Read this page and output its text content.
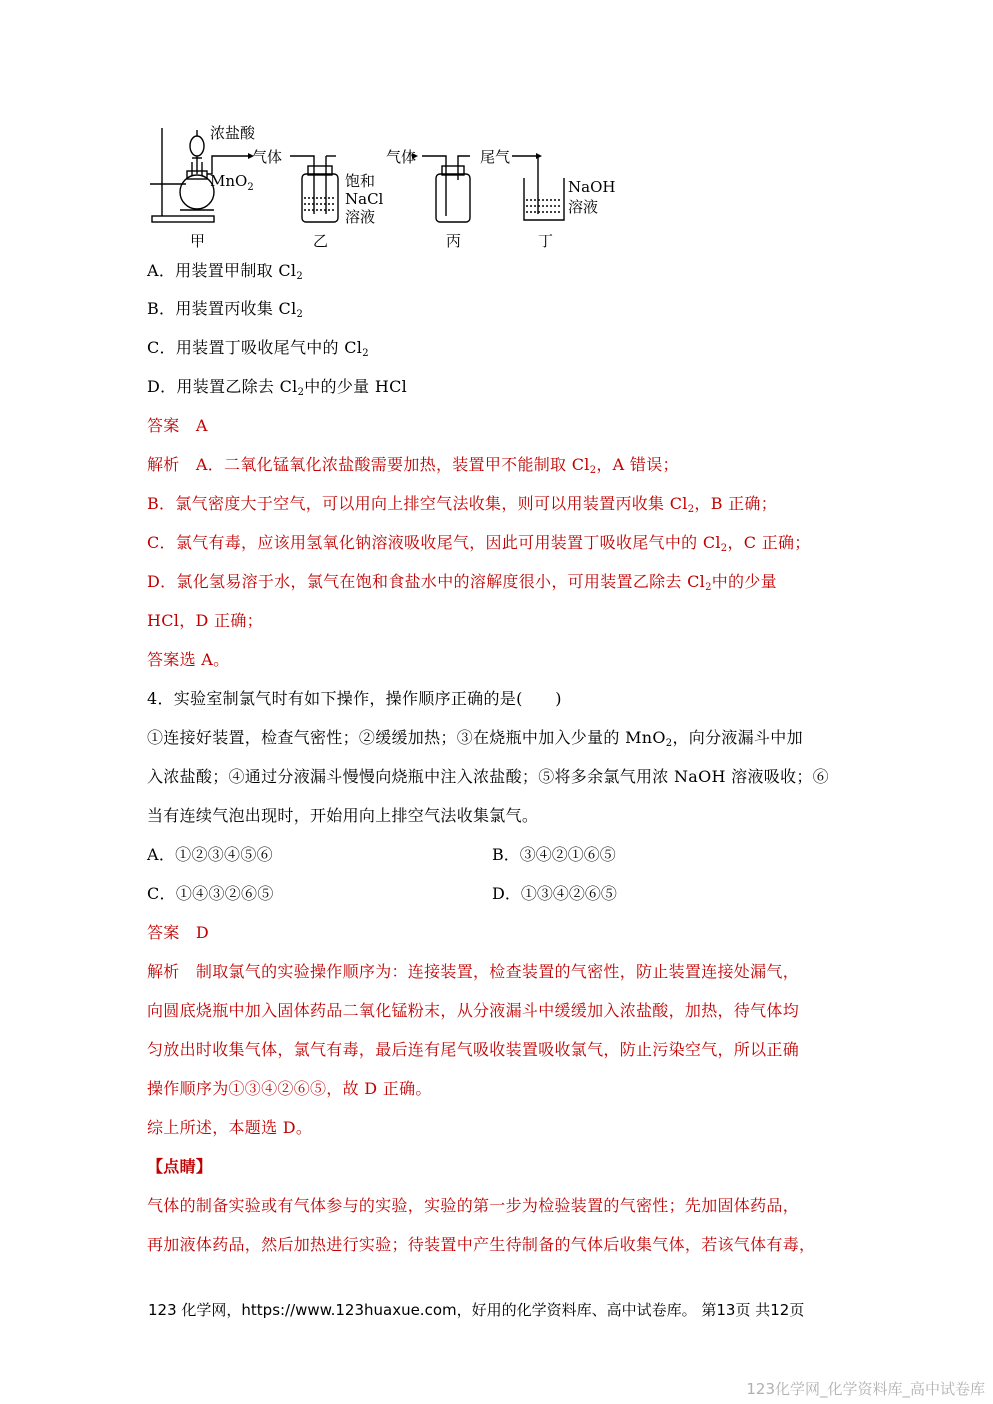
浓盐酸
MnO$_2$
气体	气体	尾气
饱和
NaCl
溶液
NaOH
溶液
甲	乙	丙	丁
A．用装置甲制取 $Cl_2$
B．用装置丙收集 $Cl_2$
C．用装置丁吸收尾气中的 $Cl_2$
D．用装置乙除去 $Cl_2$中的少量 HCl
答案　A
解析　A．二氧化锰氧化浓盐酸需要加热，装置甲不能制取 $Cl_2$，A 错误；
B．氯气密度大于空气，可以用向上排空气法收集，则可以用装置丙收集 $Cl_2$，B 正确；
C．氯气有毒，应该用氢氧化钠溶液吸收尾气，因此可用装置丁吸收尾气中的 $Cl_2$，C 正确；
D．氯化氢易溶于水，氯气在饱和食盐水中的溶解度很小，可用装置乙除去 $Cl_2$中的少量
HCl，D 正确；
答案选 A。
4．实验室制氯气时有如下操作，操作顺序正确的是(　　)
①连接好装置，检查气密性；②缓缓加热；③在烧瓶中加入少量的 MnO$_2$，向分液漏斗中加
入浓盐酸；④通过分液漏斗慢慢向烧瓶中注入浓盐酸；⑤将多余氯气用浓 NaOH 溶液吸收；⑥
当有连续气泡出现时，开始用向上排空气法收集氯气。
A．①②③④⑤⑥	B．③④②①⑥⑤
C．①④③②⑥⑤	D．①③④②⑥⑤
答案　D
解析　制取氯气的实验操作顺序为：连接装置，检查装置的气密性，防止装置连接处漏气，
向圆底烧瓶中加入固体药品二氧化锰粉末，从分液漏斗中缓缓加入浓盐酸，加热，待气体均
匀放出时收集气体，氯气有毒，最后连有尾气吸收装置吸收氯气，防止污染空气，所以正确
操作顺序为①③④②⑥⑤，故 D 正确。
综上所述，本题选 D。
【点睛】
气体的制备实验或有气体参与的实验，实验的第一步为检验装置的气密性；先加固体药品，
再加液体药品，然后加热进行实验；待装置中产生待制备的气体后收集气体，若该气体有毒，
123 化学网，https://www.123huaxue.com，好用的化学资料库、高中试卷库。 第13页 共12页
123化学网_化学资料库_高中试卷库
